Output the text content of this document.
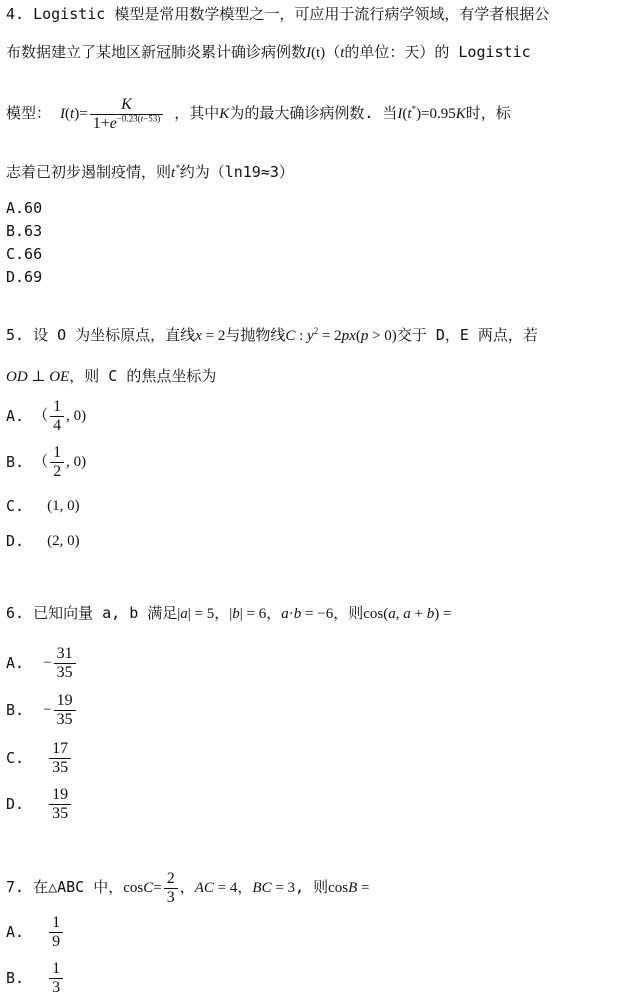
4. Logistic 模型是常用数学模型之一，可应用于流行病学领域，有学者根据公
布数据建立了某地区新冠肺炎累计确诊病例数I(t)（t的单位：天）的 Logistic
模型： $I(t)= \frac{K}{1+e^{-0.23(t-53)}}$ ，其中K为的最大确诊病例数. 当I(t*)=0.95K时，标
志着已初步遏制疫情，则t*约为（ln19≈3）
A.60
B.63
C.66
D.69
5. 设 O 为坐标原点，直线x = 2与抛物线C : $y^2 = 2px(p > 0)$交于 D，E 两点，若
OD ⊥ OE，则 C 的焦点坐标为
A. （ $\frac{1}{4}$ , 0)
B. （ $\frac{1}{2}$ , 0)
C. (1, 0)
D. (2, 0)
6. 已知向量 a, b 满足|a| = 5，|b| = 6，a·b = −6，则cos(a, a + b) =
A. − $\frac{31}{35}$
B. − $\frac{19}{35}$
C. $\frac{17}{35}$
D. $\frac{19}{35}$
7. 在△ABC 中，$\cos C= \frac{2}{3}$ ，AC = 4，BC = 3, 则cosB =
A. $\frac{1}{9}$
B. $\frac{1}{3}$
